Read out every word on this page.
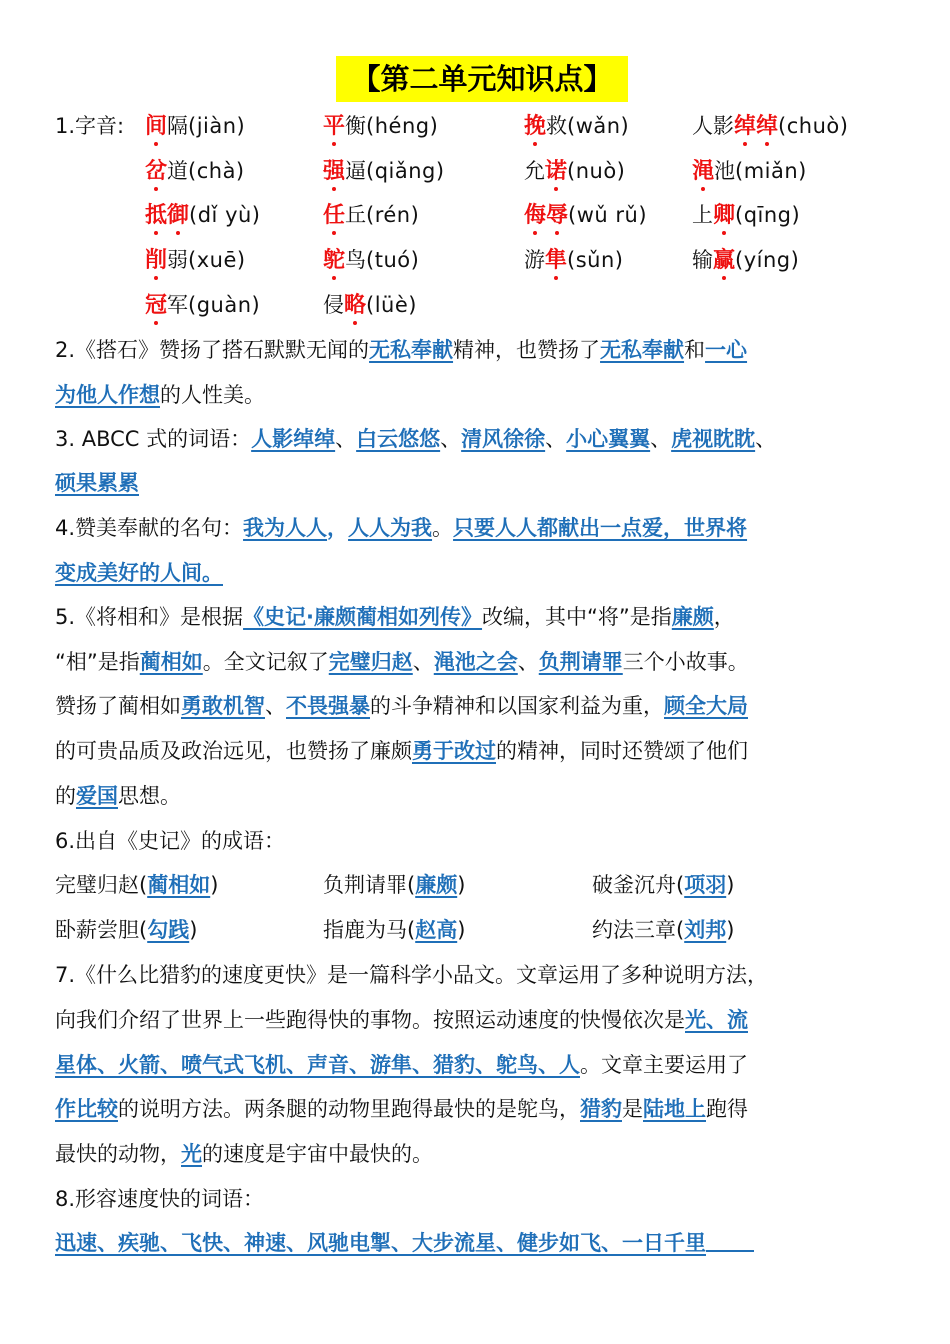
【第二单元知识点】
1.字音: 间隔(jiàn)	平衡(héng)	挽救(wǎn)	人影绰绰(chuò)
岔道(chà)	强逼(qiǎng)	允诺(nuò)	渑池(miǎn)
抵御(dǐ yù)	任丘(rén)	侮辱(wǔ rǔ) 上卿(qīng)
削弱(xuē)	鸵鸟(tuó)	游隼(sǔn)	输赢(yíng)
冠军(guàn)	侵略(lüè)
2.《搭石》赞扬了搭石默默无闻的无私奉献精神，也赞扬了无私奉献和一心
为他人作想的人性美。
3. ABCC 式的词语：人影绰绰、白云悠悠、清风徐徐、小心翼翼、虎视眈眈、
硕果累累
4.赞美奉献的名句：我为人人，人人为我。只要人人都献出一点爱，世界将
变成美好的人间。
5.《将相和》是根据《史记·廉颇蔺相如列传》改编，其中“将”是指廉颇，
“相”是指蔺相如。全文记叙了完璧归赵、渑池之会、负荆请罪三个小故事。
赞扬了蔺相如勇敢机智、不畏强暴的斗争精神和以国家利益为重，顾全大局
的可贵品质及政治远见，也赞扬了廉颇勇于改过的精神，同时还赞颂了他们
的爱国思想。
6.出自《史记》的成语：
完璧归赵(蔺相如)	负荆请罪(廉颇)	破釜沉舟(项羽)
卧薪尝胆(勾践)	指鹿为马(赵高)	约法三章(刘邦)
7.《什么比猎豹的速度更快》是一篇科学小品文。文章运用了多种说明方法，
向我们介绍了世界上一些跑得快的事物。按照运动速度的快慢依次是光、流
星体、火箭、喷气式飞机、声音、游隼、猎豹、鸵鸟、人。文章主要运用了
作比较的说明方法。两条腿的动物里跑得最快的是鸵鸟，猎豹是陆地上跑得
最快的动物，光的速度是宇宙中最快的。
8.形容速度快的词语：
迅速、疾驰、飞快、神速、风驰电掣、大步流星、健步如飞、一日千里
